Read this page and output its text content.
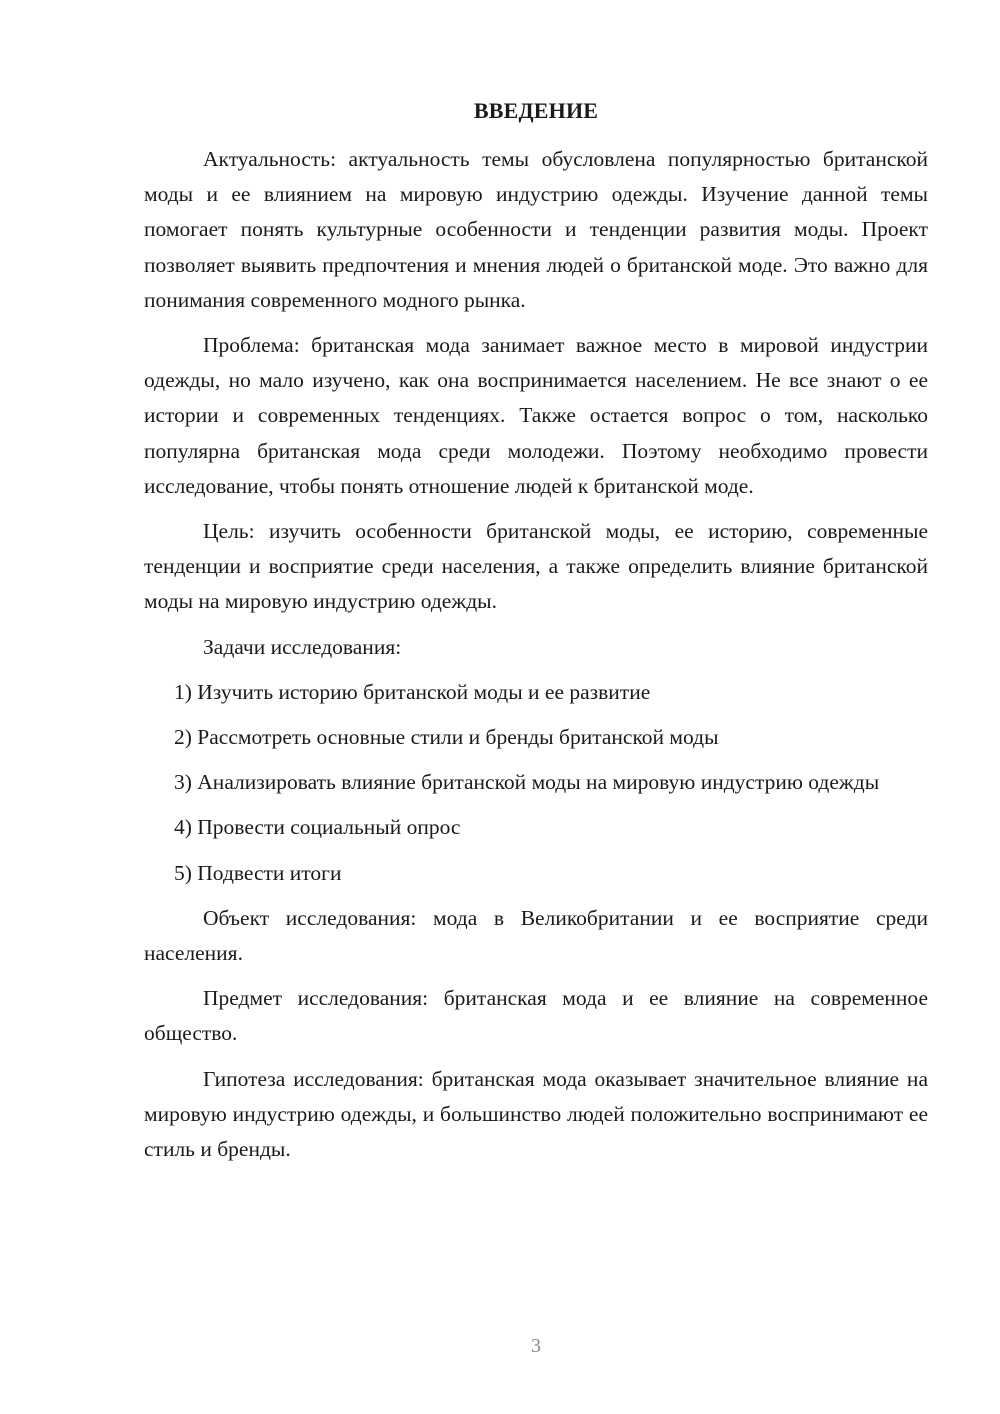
ВВЕДЕНИЕ

Актуальность: актуальность темы обусловлена популярностью британской моды и ее влиянием на мировую индустрию одежды. Изучение данной темы помогает понять культурные особенности и тенденции развития моды. Проект позволяет выявить предпочтения и мнения людей о британской моде. Это важно для понимания современного модного рынка.

Проблема: британская мода занимает важное место в мировой индустрии одежды, но мало изучено, как она воспринимается населением. Не все знают о ее истории и современных тенденциях. Также остается вопрос о том, насколько популярна британская мода среди молодежи. Поэтому необходимо провести исследование, чтобы понять отношение людей к британской моде.

Цель: изучить особенности британской моды, ее историю, современные тенденции и восприятие среди населения, а также определить влияние британской моды на мировую индустрию одежды.

Задачи исследования:

1) Изучить историю британской моды и ее развитие

2) Рассмотреть основные стили и бренды британской моды

3) Анализировать влияние британской моды на мировую индустрию одежды

4) Провести социальный опрос

5) Подвести итоги

Объект исследования: мода в Великобритании и ее восприятие среди населения.

Предмет исследования: британская мода и ее влияние на современное общество.

Гипотеза исследования: британская мода оказывает значительное влияние на мировую индустрию одежды, и большинство людей положительно воспринимают ее стиль и бренды.

3
